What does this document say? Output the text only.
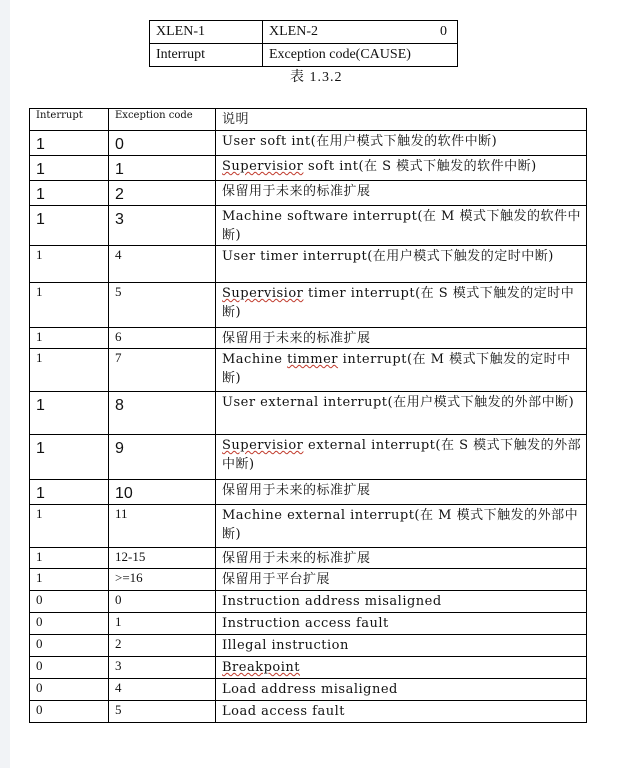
XLEN-1	XLEN-2 0

Interrupt	Exception code(CAUSE)
表 1.3.2
Interrupt	Exception code	说明
1	0	User soft int(在用户模式下触发的软件中断)
1	1	Supervisior soft int(在 S 模式下触发的软件中断)
1	2	保留用于未来的标准扩展
1	3	Machine software interrupt(在 M 模式下触发的软件中断)
1	4	User timer interrupt(在用户模式下触发的定时中断)
1	5	Supervisior timer interrupt(在 S 模式下触发的定时中断)
1	6	保留用于未来的标准扩展
1	7	Machine timmer interrupt(在 M 模式下触发的定时中断)
1	8	User external interrupt(在用户模式下触发的外部中断)
1	9	Supervisior external interrupt(在 S 模式下触发的外部中断)
1	10	保留用于未来的标准扩展
1	11	Machine external interrupt(在 M 模式下触发的外部中断)
1	12-15	保留用于未来的标准扩展
1	>=16	保留用于平台扩展
0	0	Instruction address misaligned
0	1	Instruction access fault
0	2	Illegal instruction
0	3	Breakpoint
0	4	Load address misaligned
0	5	Load access fault
